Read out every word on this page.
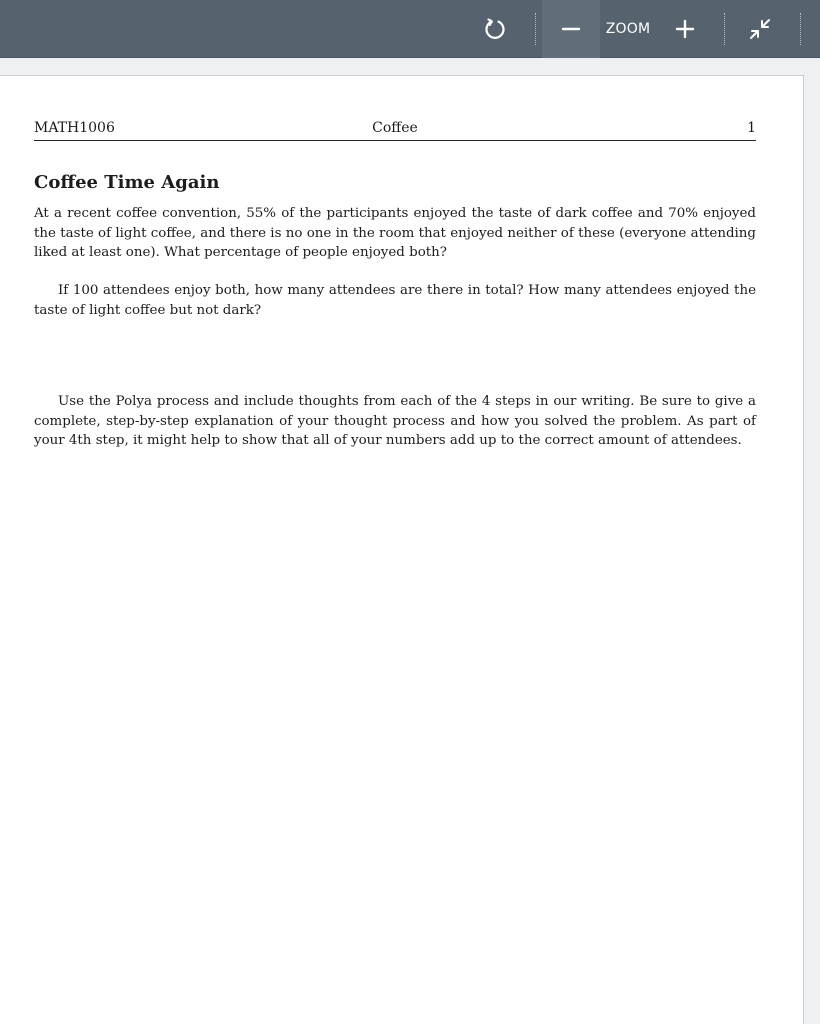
ZOOM
MATH1006	Coffee	1
Coffee Time Again

At a recent coffee convention, 55% of the participants enjoyed the taste of dark coffee and 70% enjoyed the taste of light coffee, and there is no one in the room that enjoyed neither of these (everyone attending liked at least one). What percentage of people enjoyed both?

If 100 attendees enjoy both, how many attendees are there in total? How many attendees enjoyed the taste of light coffee but not dark?

Use the Polya process and include thoughts from each of the 4 steps in our writing. Be sure to give a complete, step-by-step explanation of your thought process and how you solved the problem. As part of your 4th step, it might help to show that all of your numbers add up to the correct amount of attendees.
